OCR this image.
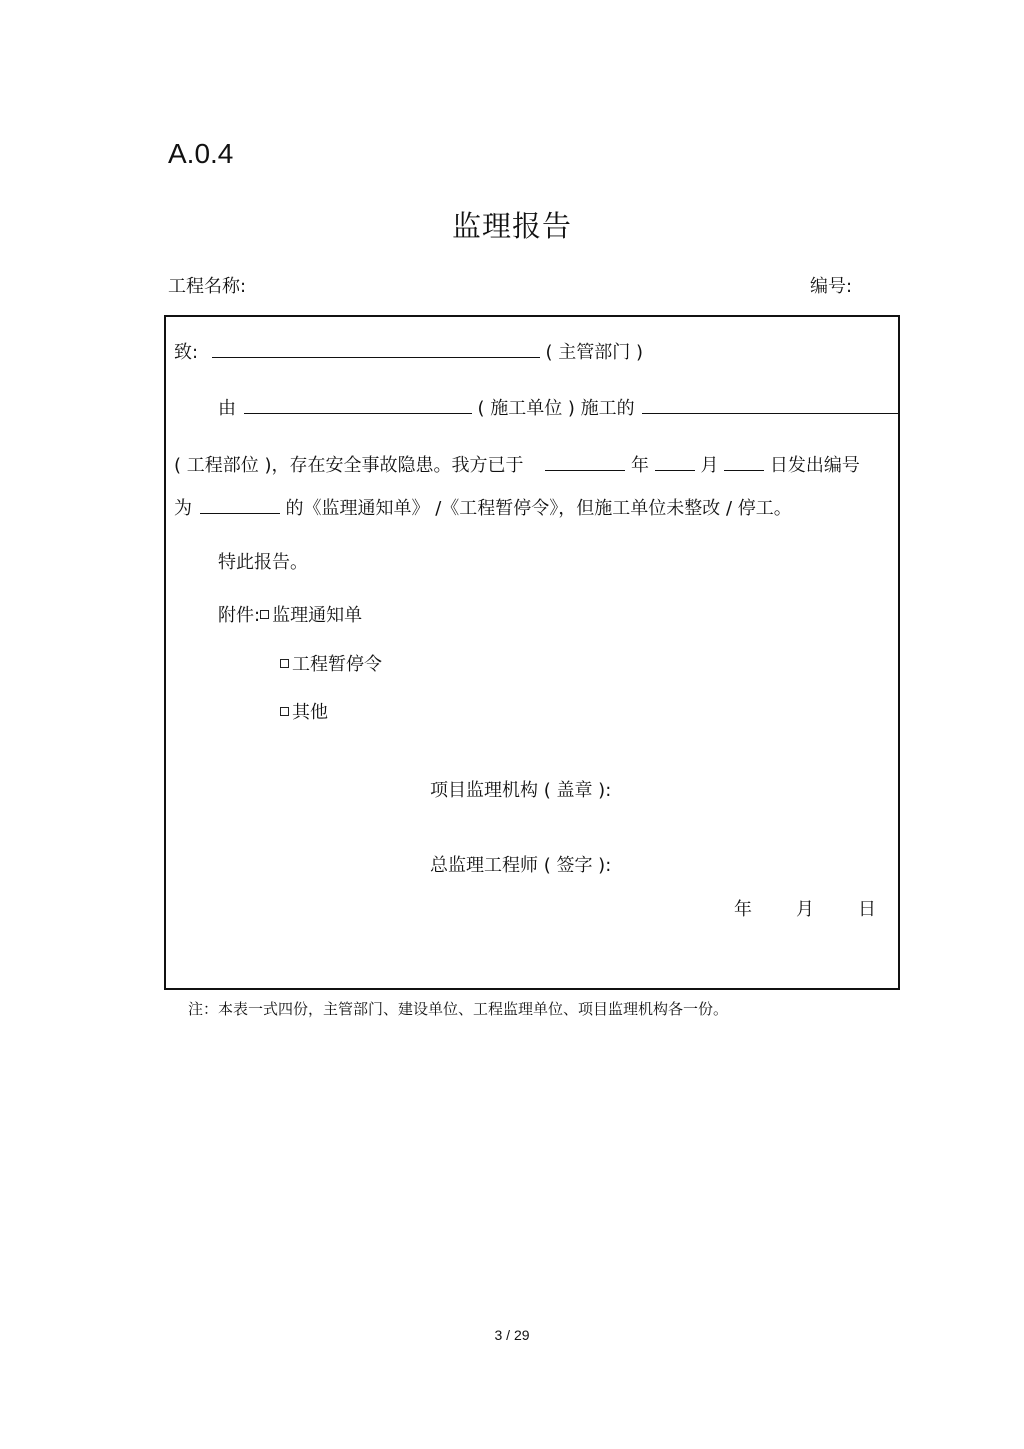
A.0.4
监理报告
工程名称:	编号:
致:	( 主管部门 )
由	( 施工单位 ) 施工的
( 工程部位 )，存在安全事故隐患。我方已于	年	月	日发出编号
为	的《监理通知单》 /《工程暂停令》，但施工单位未整改 / 停工。
特此报告。
附件: 监理通知单
工程暂停令
其他
项目监理机构 ( 盖章 ):
总监理工程师 ( 签字 ):
年 月 日
注：本表一式四份，主管部门、建设单位、工程监理单位、项目监理机构各一份。
3 / 29
